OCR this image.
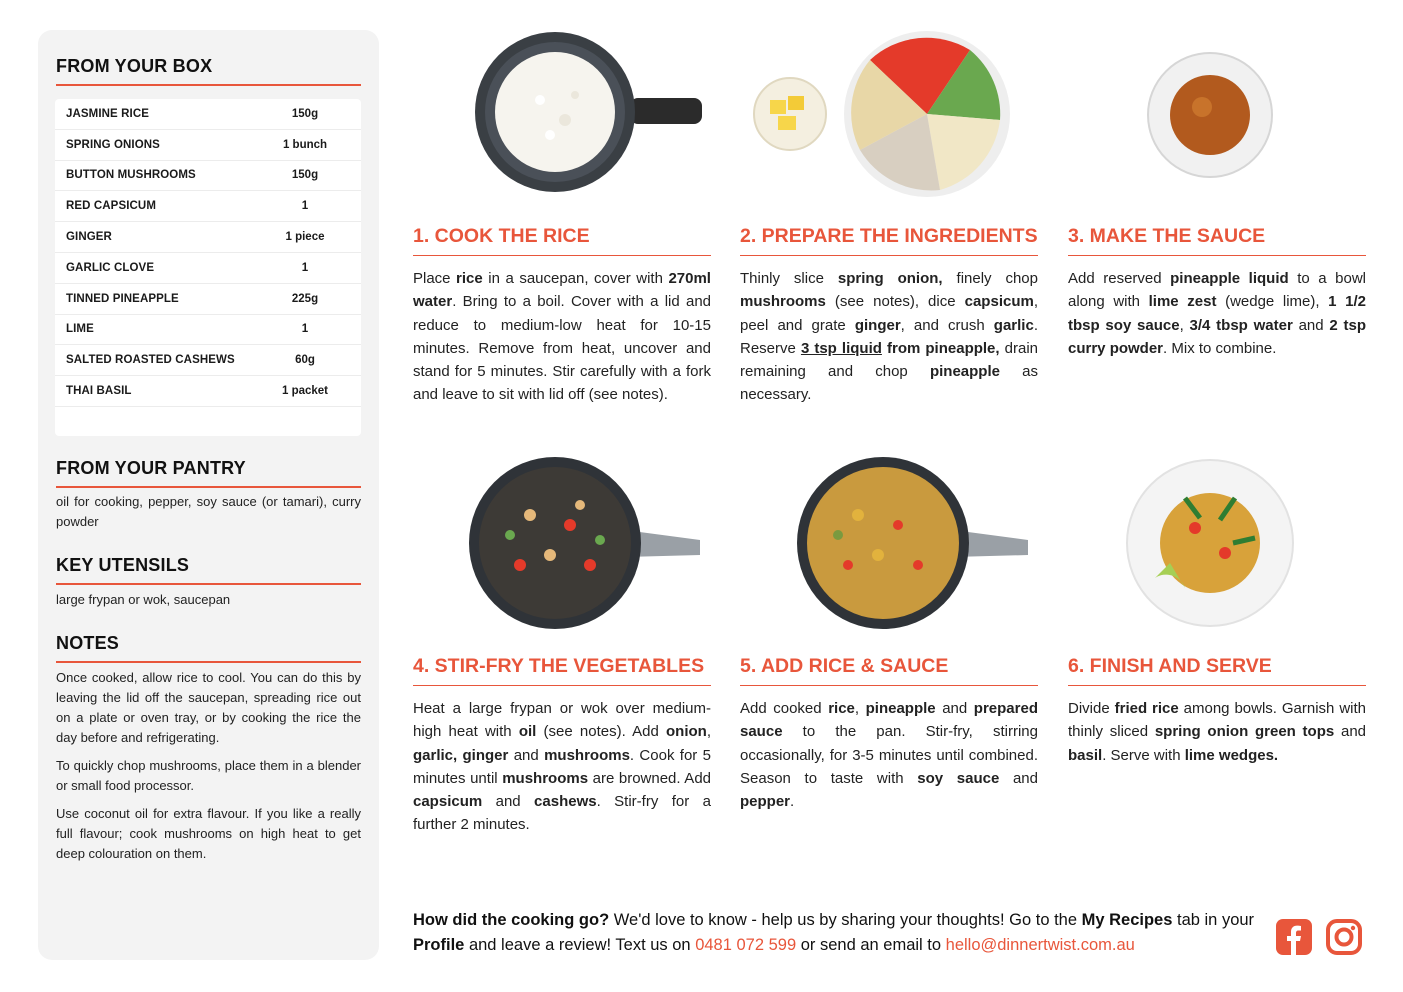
FROM YOUR BOX
JASMINE RICE	150g
SPRING ONIONS	1 bunch
BUTTON MUSHROOMS	150g
RED CAPSICUM	1
GINGER	1 piece
GARLIC CLOVE	1
TINNED PINEAPPLE	225g
LIME	1
SALTED ROASTED CASHEWS	60g
THAI BASIL	1 packet
FROM YOUR PANTRY
oil for cooking, pepper, soy sauce (or tamari), curry powder
KEY UTENSILS
large frypan or wok, saucepan
NOTES

Once cooked, allow rice to cool. You can do this by leaving the lid off the saucepan, spreading rice out on a plate or oven tray, or by cooking the rice the day before and refrigerating.

To quickly chop mushrooms, place them in a blender or small food processor.

Use coconut oil for extra flavour. If you like a really full flavour; cook mushrooms on high heat to get deep colouration on them.

1. COOK THE RICE
Place rice in a saucepan, cover with 270ml water. Bring to a boil. Cover with a lid and reduce to medium-low heat for 10-15 minutes. Remove from heat, uncover and stand for 5 minutes. Stir carefully with a fork and leave to sit with lid off (see notes).
2. PREPARE THE INGREDIENTS
Thinly slice spring onion, finely chop mushrooms (see notes), dice capsicum, peel and grate ginger, and crush garlic. Reserve 3 tsp liquid from pineapple, drain remaining and chop pineapple as necessary.
3. MAKE THE SAUCE
Add reserved pineapple liquid to a bowl along with lime zest (wedge lime), 1 1/2 tbsp soy sauce, 3/4 tbsp water and 2 tsp curry powder. Mix to combine.
4. STIR-FRY THE VEGETABLES
Heat a large frypan or wok over medium-high heat with oil (see notes). Add onion, garlic, ginger and mushrooms. Cook for 5 minutes until mushrooms are browned. Add capsicum and cashews. Stir-fry for a further 2 minutes.
5. ADD RICE & SAUCE
Add cooked rice, pineapple and prepared sauce to the pan. Stir-fry, stirring occasionally, for 3-5 minutes until combined. Season to taste with soy sauce and pepper.
6. FINISH AND SERVE
Divide fried rice among bowls. Garnish with thinly sliced spring onion green tops and basil. Serve with lime wedges.
How did the cooking go? We'd love to know - help us by sharing your thoughts! Go to the My Recipes tab in your Profile and leave a review! Text us on 0481 072 599 or send an email to hello@dinnertwist.com.au
